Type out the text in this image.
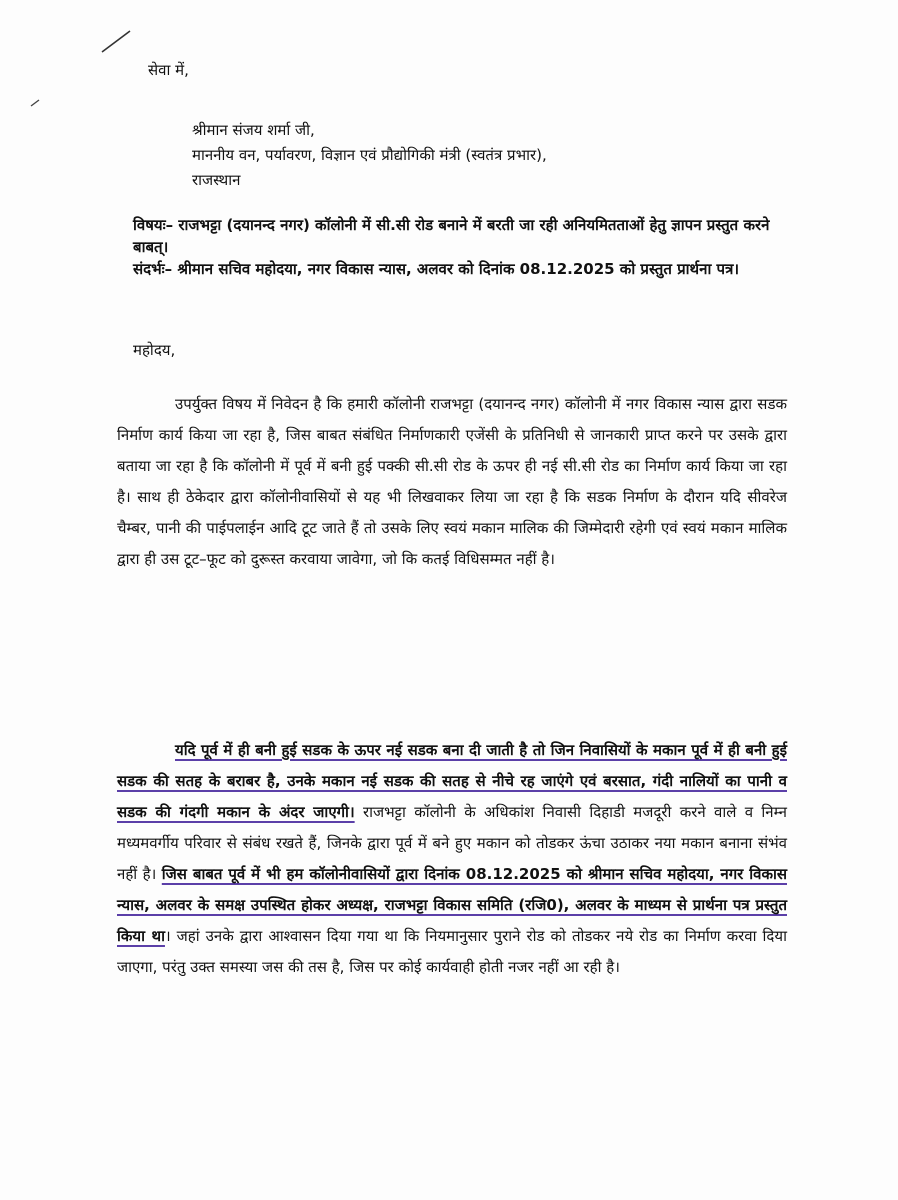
सेवा में,
श्रीमान संजय शर्मा जी,
माननीय वन, पर्यावरण, विज्ञान एवं प्रौद्योगिकी मंत्री (स्वतंत्र प्रभार),
राजस्थान
विषयः– राजभट्टा (दयानन्द नगर) कॉलोनी में सी.सी रोड बनाने में बरती जा रही अनियमितताओं हेतु ज्ञापन प्रस्तुत करने बाबत्।
संदर्भः– श्रीमान सचिव महोदया, नगर विकास न्यास, अलवर को दिनांक 08.12.2025 को प्रस्तुत प्रार्थना पत्र।
महोदय,
उपर्युक्त विषय में निवेदन है कि हमारी कॉलोनी राजभट्टा (दयानन्द नगर) कॉलोनी में नगर विकास न्यास द्वारा सडक निर्माण कार्य किया जा रहा है, जिस बाबत संबंधित निर्माणकारी एजेंसी के प्रतिनिधी से जानकारी प्राप्त करने पर उसके द्वारा बताया जा रहा है कि कॉलोनी में पूर्व में बनी हुई पक्की सी.सी रोड के ऊपर ही नई सी.सी रोड का निर्माण कार्य किया जा रहा है। साथ ही ठेकेदार द्वारा कॉलोनीवासियों से यह भी लिखवाकर लिया जा रहा है कि सडक निर्माण के दौरान यदि सीवरेज चैम्बर, पानी की पाईपलाईन आदि टूट जाते हैं तो उसके लिए स्वयं मकान मालिक की जिम्मेदारी रहेगी एवं स्वयं मकान मालिक द्वारा ही उस टूट–फूट को दुरूस्त करवाया जावेगा, जो कि कतई विधिसम्मत नहीं है।
यदि पूर्व में ही बनी हुई सडक के ऊपर नई सडक बना दी जाती है तो जिन निवासियों के मकान पूर्व में ही बनी हुई सडक की सतह के बराबर है, उनके मकान नई सडक की सतह से नीचे रह जाएंगे एवं बरसात, गंदी नालियों का पानी व सडक की गंदगी मकान के अंदर जाएगी। राजभट्टा कॉलोनी के अधिकांश निवासी दिहाडी मजदूरी करने वाले व निम्न मध्यमवर्गीय परिवार से संबंध रखते हैं, जिनके द्वारा पूर्व में बने हुए मकान को तोडकर ऊंचा उठाकर नया मकान बनाना संभंव नहीं है। जिस बाबत पूर्व में भी हम कॉलोनीवासियों द्वारा दिनांक 08.12.2025 को श्रीमान सचिव महोदया, नगर विकास न्यास, अलवर के समक्ष उपस्थित होकर अध्यक्ष, राजभट्टा विकास समिति (रजि0), अलवर के माध्यम से प्रार्थना पत्र प्रस्तुत किया था। जहां उनके द्वारा आश्वासन दिया गया था कि नियमानुसार पुराने रोड को तोडकर नये रोड का निर्माण करवा दिया जाएगा, परंतु उक्त समस्या जस की तस है, जिस पर कोई कार्यवाही होती नजर नहीं आ रही है।
